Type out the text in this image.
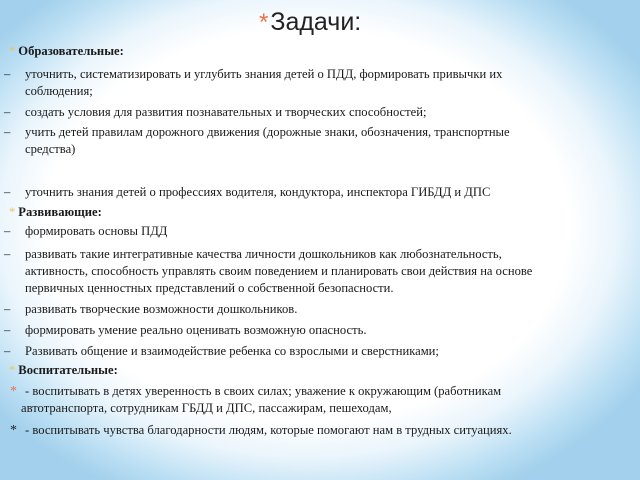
*Задачи:
* Образовательные:
– уточнить, систематизировать и углубить знания детей о ПДД, формировать привычки их
соблюдения;
– создать условия для развития познавательных и творческих способностей;
– учить детей правилам дорожного движения (дорожные знаки, обозначения, транспортные
средства)
– уточнить знания детей о профессиях водителя, кондуктора, инспектора ГИБДД и ДПС
* Развивающие:
– формировать основы ПДД
– развивать такие интегративные качества личности дошкольников как любознательность,
активность, способность управлять своим поведением и планировать свои действия на основе
первичных ценностных представлений о собственной безопасности.
– развивать творческие возможности дошкольников.
– формировать умение реально оценивать возможную опасность.
– Развивать общение и взаимодействие ребенка со взрослыми и сверстниками;
* Воспитательные:
* - воспитывать в детях уверенность в своих силах; уважение к окружающим (работникам
автотранспорта, сотрудникам ГБДД и ДПС, пассажирам, пешеходам,
* - воспитывать чувства благодарности людям, которые помогают нам в трудных ситуациях.
